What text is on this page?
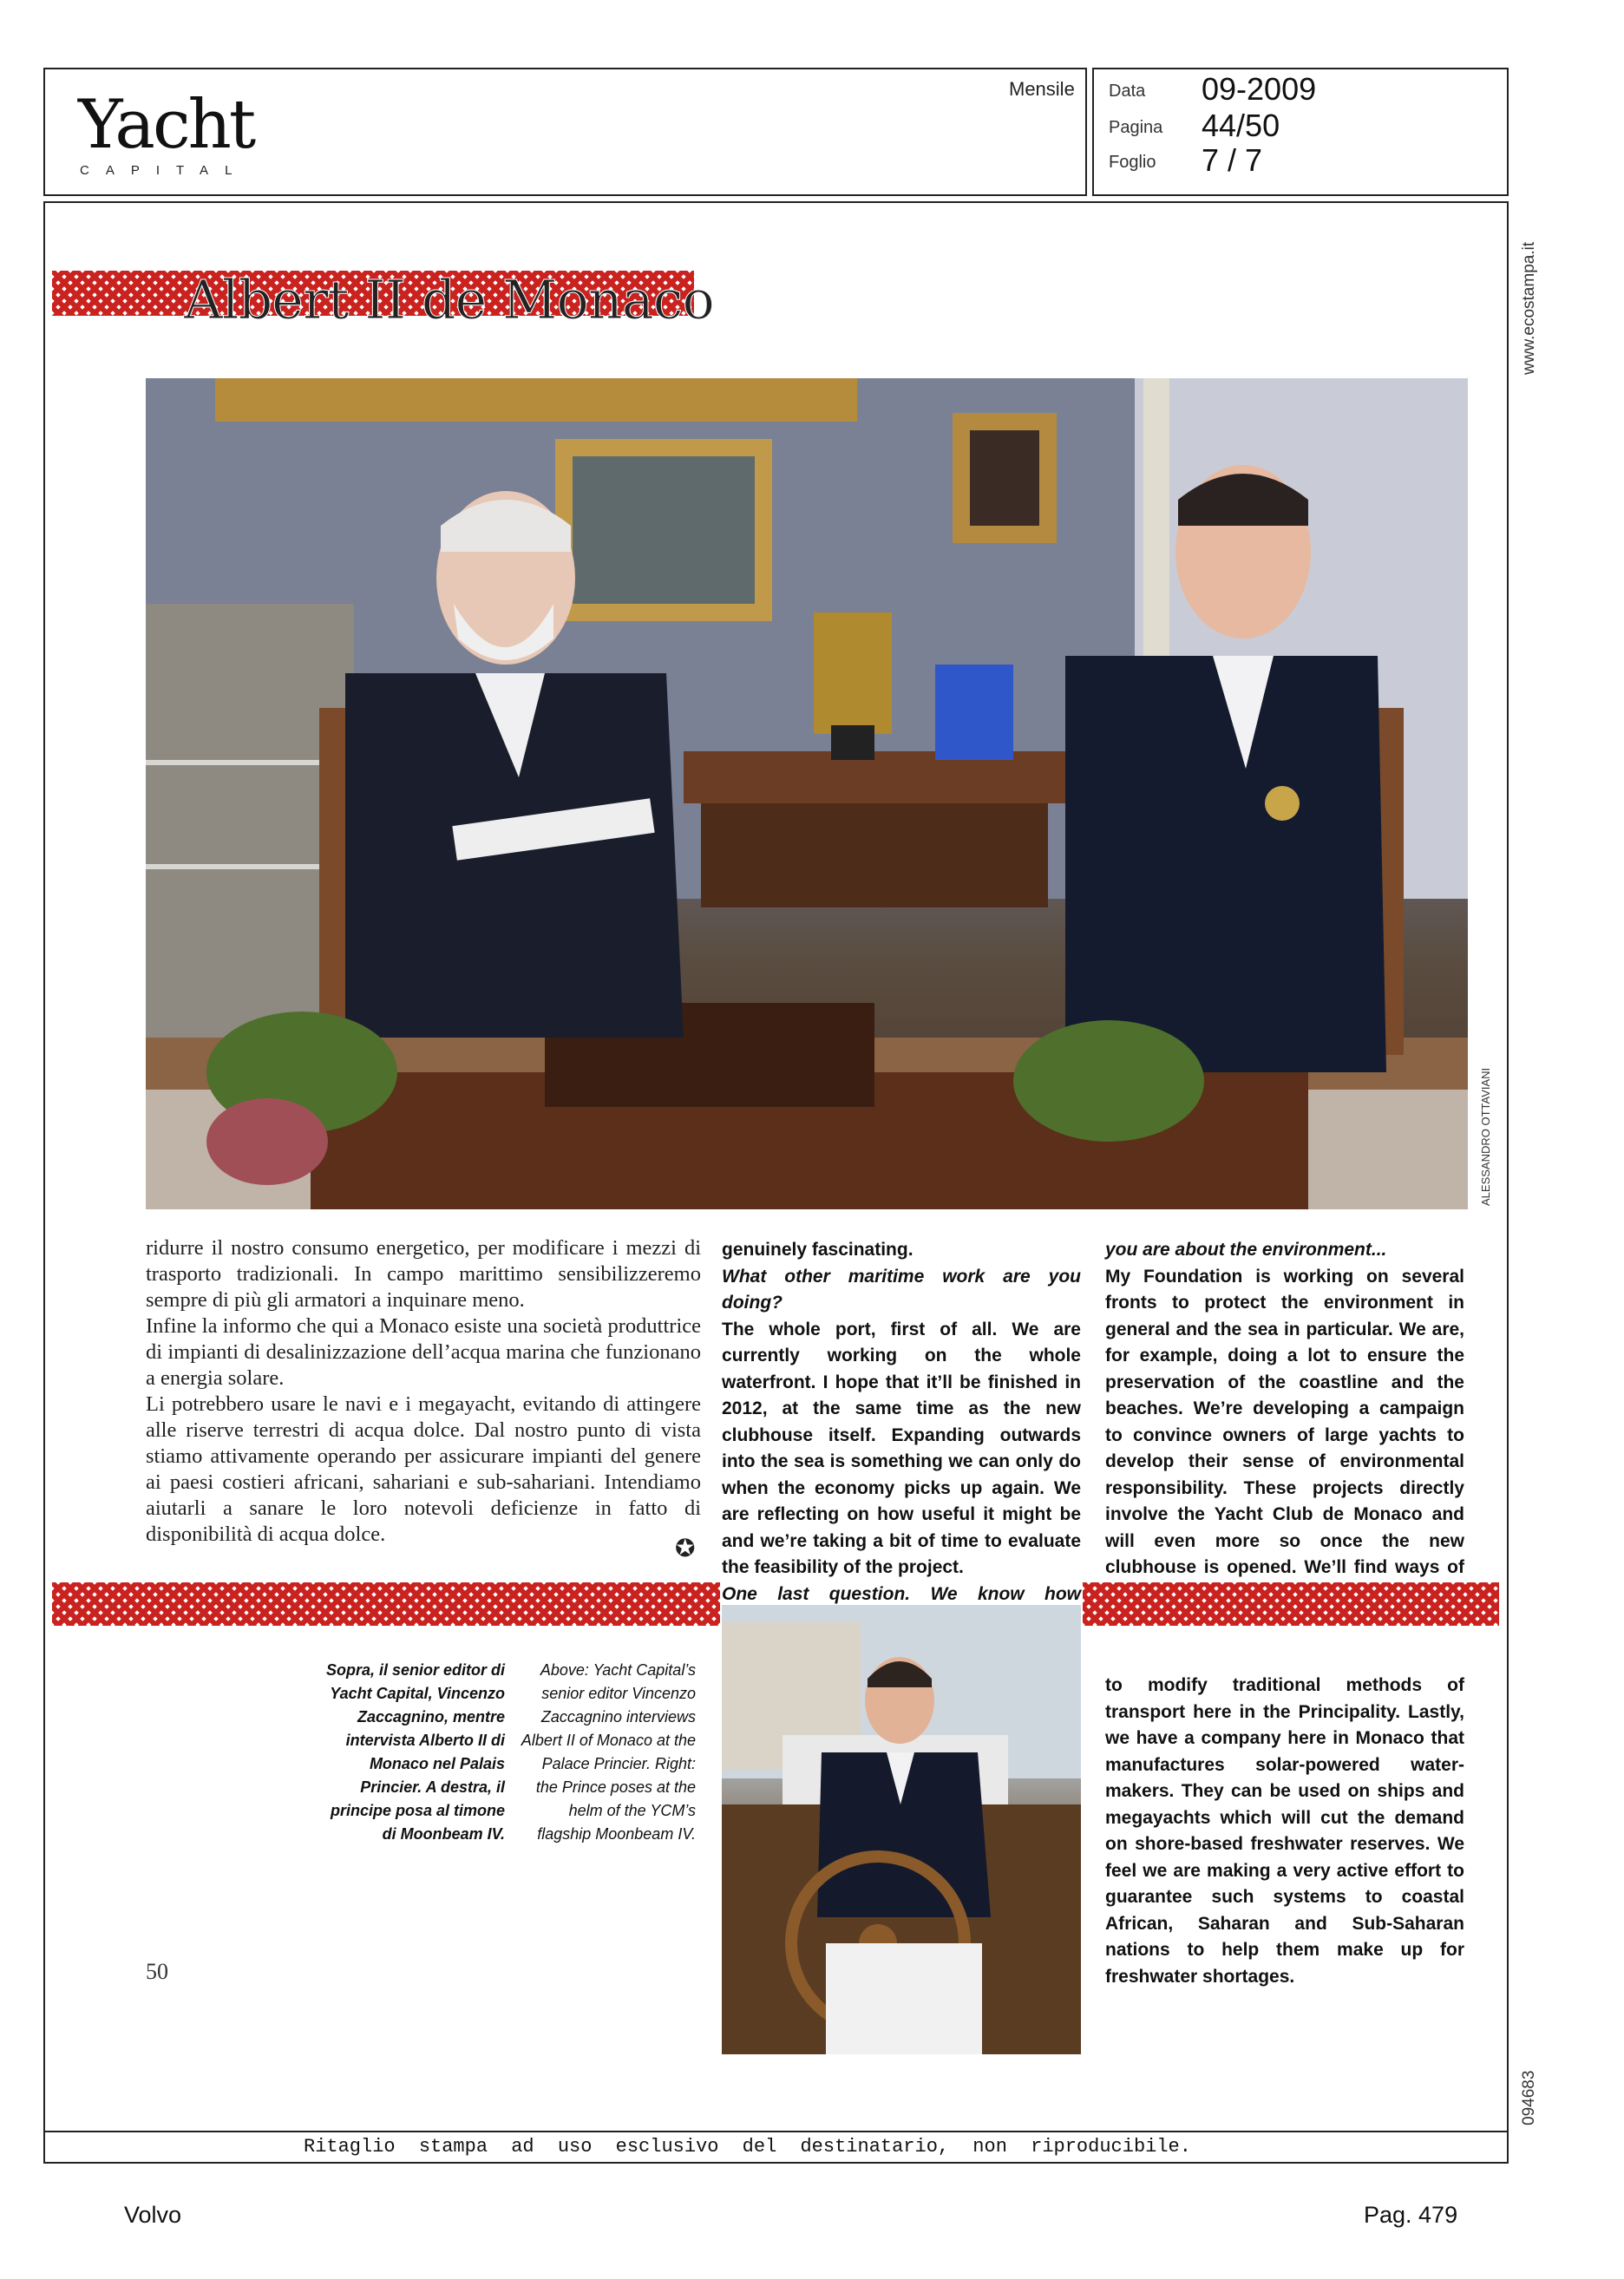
Yacht
CAPITAL
Mensile Data 09-2009
Pagina 44/50
Foglio 7 / 7
www.ecostampa.it
094683
Albert II de Monaco
ALESSANDRO OTTAVIANI

ridurre il nostro consumo energetico, per modificare i mezzi di trasporto tradizionali. In campo marittimo sensibilizzeremo sempre di più gli armatori a inquinare meno.

Infine la informo che qui a Monaco esiste una società produttrice di impianti di desalinizzazione dell’acqua marina che funzionano a energia solare.

Li potrebbero usare le navi e i megayacht, evitando di attingere alle riserve terrestri di acqua dolce. Dal nostro punto di vista stiamo attivamente operando per assicurare impianti del genere ai paesi costieri africani, sahariani e sub-sahariani. Intendiamo aiutarli a sanare le loro notevoli deficienze in fatto di disponibilità di acqua dolce.

✪

genuinely fascinating.

What other maritime work are you doing?

The whole port, first of all. We are currently working on the whole waterfront. I hope that it’ll be finished in 2012, at the same time as the new clubhouse itself. Expanding outwards into the sea is something we can only do when the economy picks up again. We are reflecting on how useful it might be and we’re taking a bit of time to evaluate the feasibility of the project.

One last question. We know how

you are about the environment...

My Foundation is working on several fronts to protect the environment in general and the sea in particular. We are, for example, doing a lot to ensure the preservation of the coastline and the beaches. We’re developing a campaign to convince owners of large yachts to develop their sense of environmental responsibility. These projects directly involve the Yacht Club de Monaco and will even more so once the new clubhouse is opened. We’ll find ways of

Sopra, il senior editor di Yacht Capital, Vincenzo Zaccagnino, mentre intervista Alberto II di Monaco nel Palais Princier. A destra, il principe posa al timone di Moonbeam IV.
Above: Yacht Capital’s senior editor Vincenzo Zaccagnino interviews Albert II of Monaco at the Palace Princier. Right: the Prince poses at the helm of the YCM’s flagship Moonbeam IV.
to modify traditional methods of transport here in the Principality. Lastly, we have a company here in Monaco that manufactures solar-powered water-makers. They can be used on ships and megayachts which will cut the demand on shore-based freshwater reserves. We feel we are making a very active effort to guarantee such systems to coastal African, Saharan and Sub-Saharan nations to help them make up for freshwater shortages.
50
Ritaglio stampa ad uso esclusivo del destinatario, non riproducibile.
Volvo	Pag. 479
